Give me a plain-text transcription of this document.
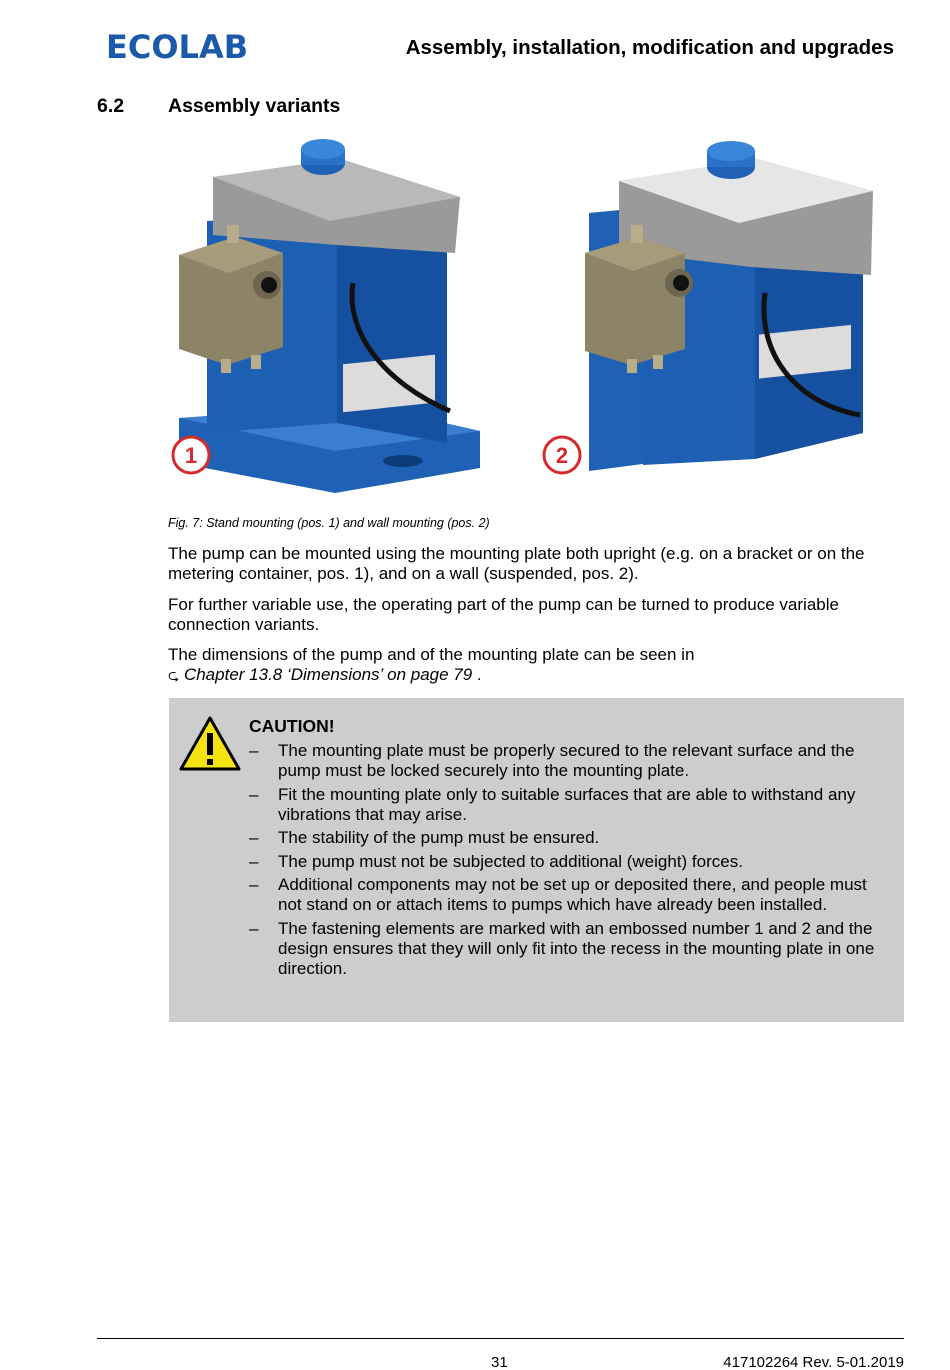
ECOLAB	Assembly, installation, modification and upgrades
6.2 Assembly variants
1	2
Fig. 7: Stand mounting (pos. 1) and wall mounting (pos. 2)

The pump can be mounted using the mounting plate both upright (e.g. on a bracket or on the metering container, pos. 1), and on a wall (suspended, pos. 2).

For further variable use, the operating part of the pump can be turned to produce variable connection variants.

The dimensions of the pump and of the mounting plate can be seen in
⮎ Chapter 13.8 ‘Dimensions’ on page 79 .

CAUTION!
– The mounting plate must be properly secured to the relevant surface and the pump must be locked securely into the mounting plate.
– Fit the mounting plate only to suitable surfaces that are able to withstand any vibrations that may arise.
– The stability of the pump must be ensured.
– The pump must not be subjected to additional (weight) forces.
– Additional components may not be set up or deposited there, and people must not stand on or attach items to pumps which have already been installed.
– The fastening elements are marked with an embossed number 1 and 2 and the design ensures that they will only fit into the recess in the mounting plate in one direction.
31	417102264 Rev. 5-01.2019
